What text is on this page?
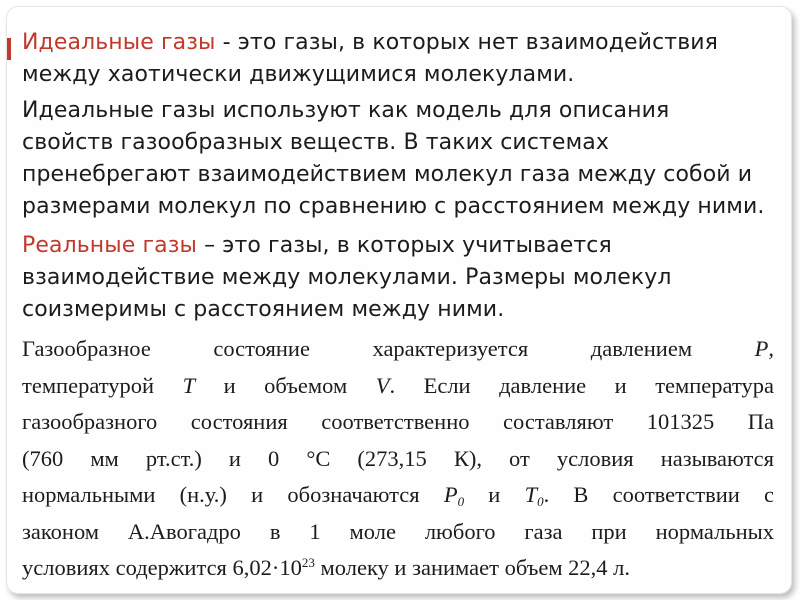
Идеальные газы - это газы, в которых нет взаимодействия
между хаотически движущимися молекулами.
Идеальные газы используют как модель для описания
свойств газообразных веществ. В таких системах
пренебрегают взаимодействием молекул газа между собой и
размерами молекул по сравнению с расстоянием между ними.
Реальные газы – это газы, в которых учитывается
взаимодействие между молекулами. Размеры молекул
соизмеримы с расстоянием между ними.
Газообразное состояние характеризуется давлением P,
температурой T и объемом V. Если давление и температура
газообразного состояния соответственно составляют 101325 Па
(760 мм рт.ст.) и 0 °С (273,15 К), от условия называются
нормальными (н.у.) и обозначаются $P_0$ и $T_0$. В соответствии с
законом А.Авогадро в 1 моле любого газа при нормальных
условиях содержится $6,02\cdot 10^{23}$ молеку и занимает объем 22,4 л.
